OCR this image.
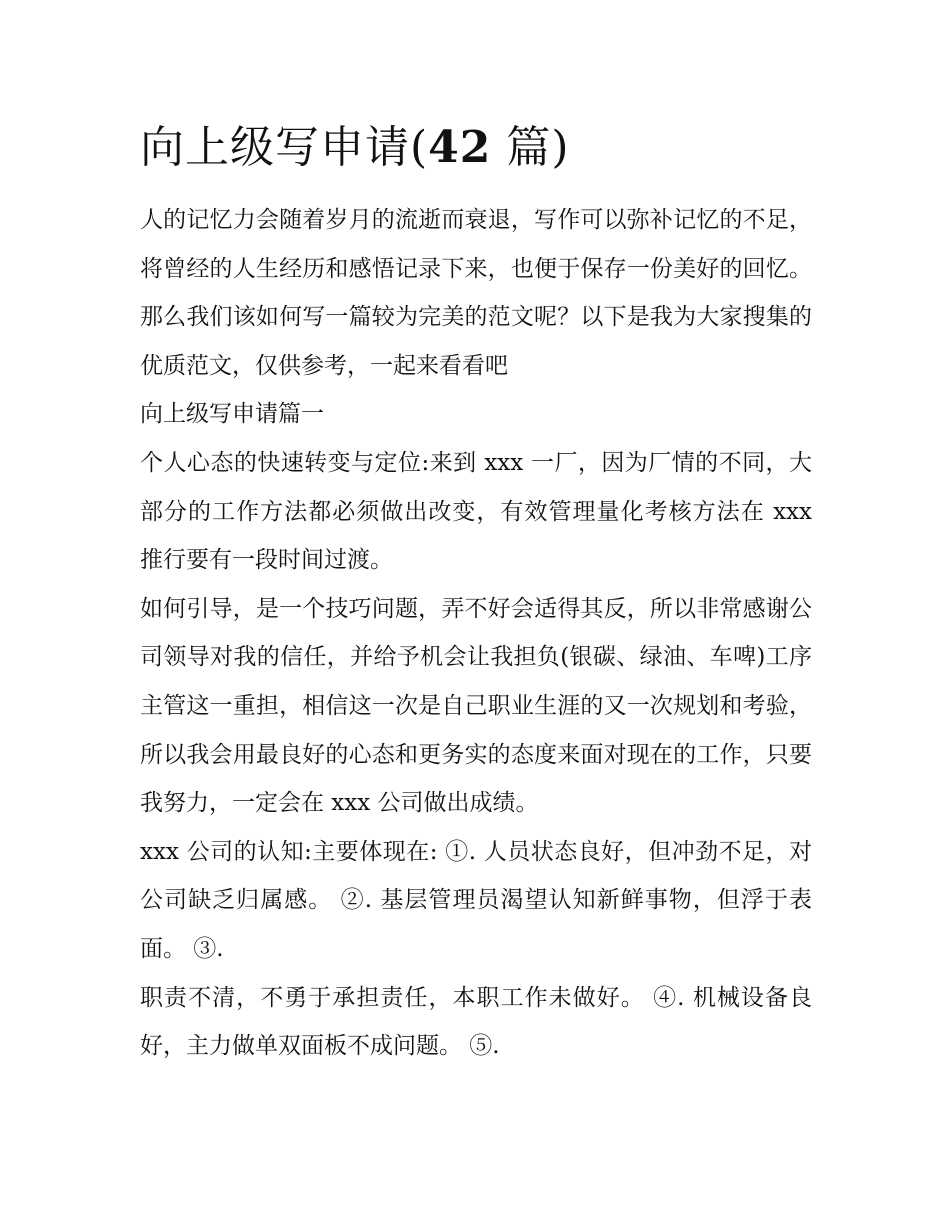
向上级写申请(42 篇)

人的记忆力会随着岁月的流逝而衰退，写作可以弥补记忆的不足，将曾经的人生经历和感悟记录下来，也便于保存一份美好的回忆。那么我们该如何写一篇较为完美的范文呢？以下是我为大家搜集的优质范文，仅供参考，一起来看看吧

向上级写申请篇一

个人心态的快速转变与定位:来到 xxx 一厂，因为厂情的不同，大部分的工作方法都必须做出改变，有效管理量化考核方法在 xxx 推行要有一段时间过渡。

如何引导，是一个技巧问题，弄不好会适得其反，所以非常感谢公司领导对我的信任，并给予机会让我担负(银碳、绿油、车啤)工序主管这一重担，相信这一次是自己职业生涯的又一次规划和考验，所以我会用最良好的心态和更务实的态度来面对现在的工作，只要我努力，一定会在 xxx 公司做出成绩。

xxx 公司的认知:主要体现在: ①. 人员状态良好，但冲劲不足，对公司缺乏归属感。 ②. 基层管理员渴望认知新鲜事物，但浮于表面。 ③.

职责不清，不勇于承担责任，本职工作未做好。 ④. 机械设备良好，主力做单双面板不成问题。 ⑤.
